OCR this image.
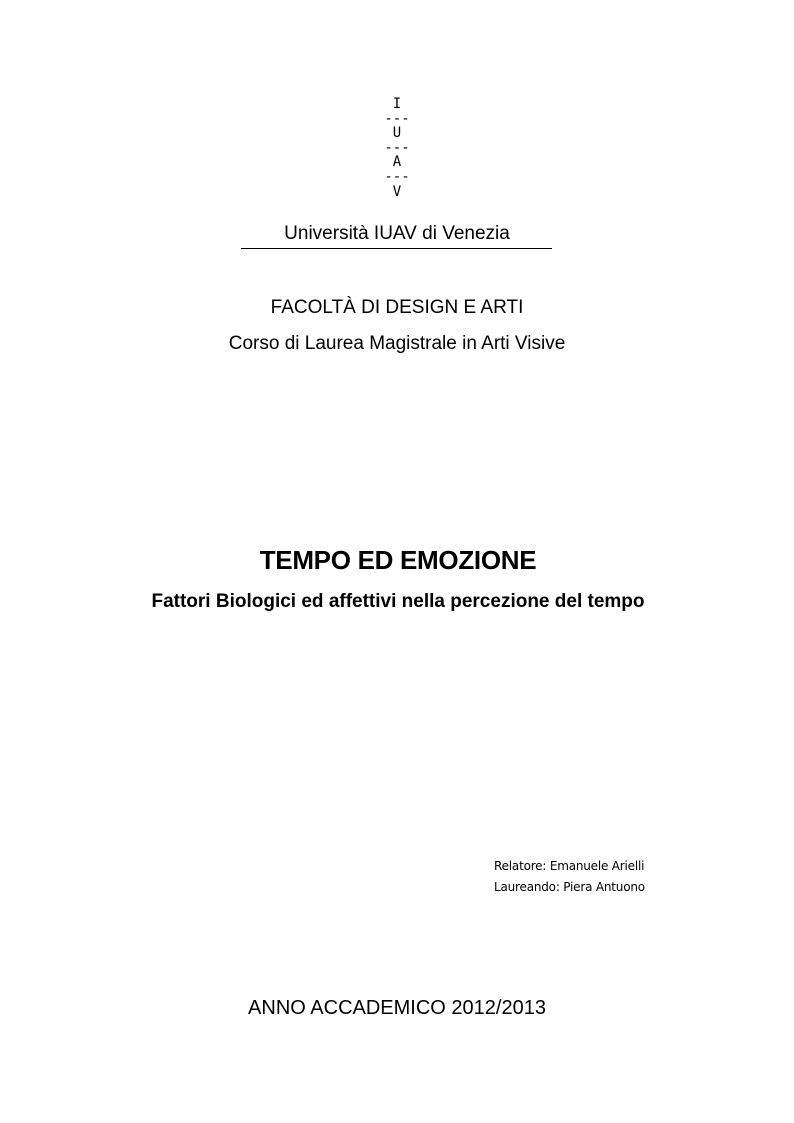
I
---
U
---
A
---
V
Università IUAV di Venezia
FACOLTÀ DI DESIGN E ARTI
Corso di Laurea Magistrale in Arti Visive
TEMPO ED EMOZIONE
Fattori Biologici ed affettivi nella percezione del tempo
Relatore: Emanuele Arielli
Laureando: Piera Antuono
ANNO ACCADEMICO 2012/2013
